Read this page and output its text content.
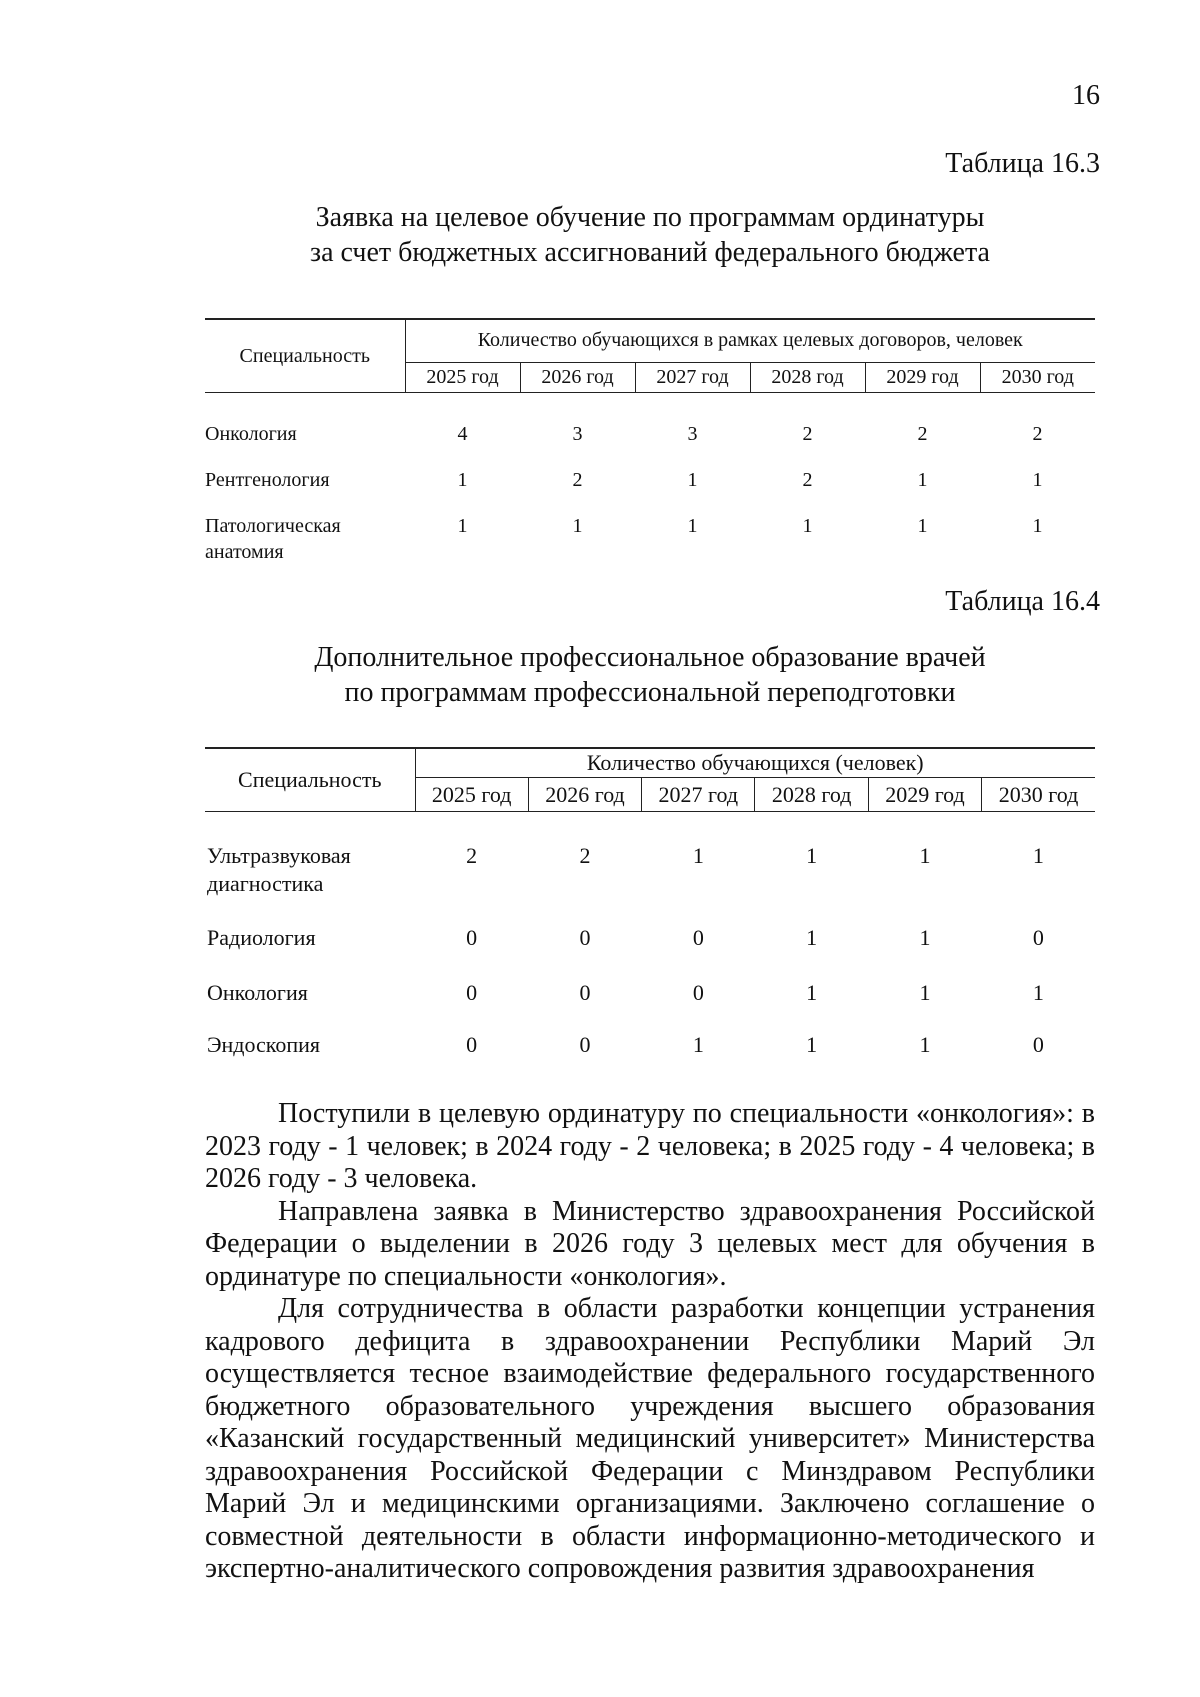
16
Таблица 16.3
Заявка на целевое обучение по программам ординатуры
за счет бюджетных ассигнований федерального бюджета
Специальность	Количество обучающихся в рамках целевых договоров, человек					
	2025 год	2026 год	2027 год	2028 год	2029 год	2030 год

Онкология	4	3	3	2	2	2
Рентгенология	1	2	1	2	1	1
Патологическая анатомия	1	1	1	1	1	1
Таблица 16.4
Дополнительное профессиональное образование врачей
по программам профессиональной переподготовки
Специальность	Количество обучающихся (человек)					
	2025 год	2026 год	2027 год	2028 год	2029 год	2030 год

Ультразвуковая диагностика	2	2	1	1	1	1
Радиология	0	0	0	1	1	0
Онкология	0	0	0	1	1	1
Эндоскопия	0	0	1	1	1	0

Поступили в целевую ординатуру по специальности «онкология»: в 2023 году - 1 человек; в 2024 году - 2 человека; в 2025 году - 4 человека; в 2026 году - 3 человека.

Направлена заявка в Министерство здравоохранения Российской Федерации о выделении в 2026 году 3 целевых мест для обучения в ординатуре по специальности «онкология».

Для сотрудничества в области разработки концепции устранения кадрового дефицита в здравоохранении Республики Марий Эл осуществляется тесное взаимодействие федерального государственного бюджетного образовательного учреждения высшего образования «Казанский государственный медицинский университет» Министерства здравоохранения Российской Федерации с Минздравом Республики Марий Эл и медицинскими организациями. Заключено соглашение о совместной деятельности в области информационно-методического и экспертно-аналитического сопровождения развития здравоохранения
